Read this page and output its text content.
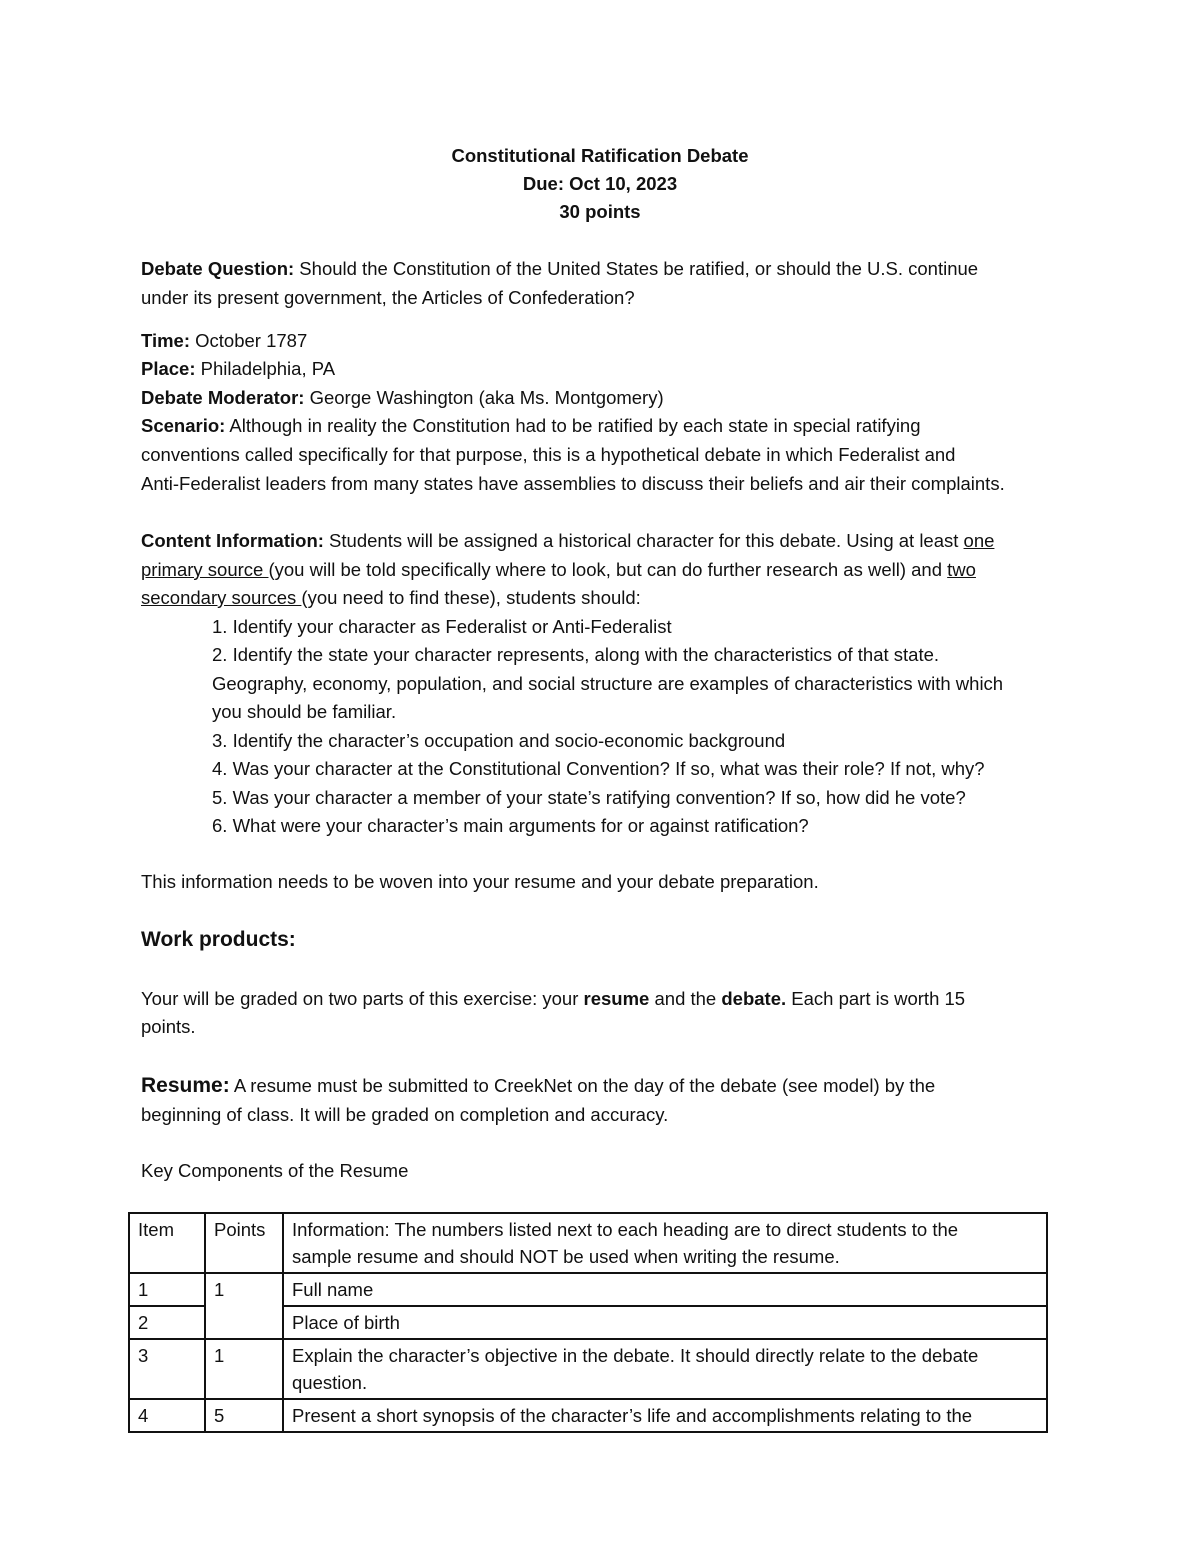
Constitutional Ratification Debate
Due: Oct 10, 2023
30 points
Debate Question: Should the Constitution of the United States be ratified, or should the U.S. continue
under its present government, the Articles of Confederation?
Time: October 1787
Place: Philadelphia, PA
Debate Moderator: George Washington (aka Ms. Montgomery)
Scenario: Although in reality the Constitution had to be ratified by each state in special ratifying
conventions called specifically for that purpose, this is a hypothetical debate in which Federalist and
Anti-Federalist leaders from many states have assemblies to discuss their beliefs and air their complaints.
Content Information: Students will be assigned a historical character for this debate. Using at least one
primary source (you will be told specifically where to look, but can do further research as well) and two
secondary sources (you need to find these), students should:
1. Identify your character as Federalist or Anti-Federalist
2. Identify the state your character represents, along with the characteristics of that state.
Geography, economy, population, and social structure are examples of characteristics with which
you should be familiar.
3. Identify the character’s occupation and socio-economic background
4. Was your character at the Constitutional Convention? If so, what was their role? If not, why?
5. Was your character a member of your state’s ratifying convention? If so, how did he vote?
6. What were your character’s main arguments for or against ratification?
This information needs to be woven into your resume and your debate preparation.
Work products:
Your will be graded on two parts of this exercise: your resume and the debate. Each part is worth 15
points.
Resume: A resume must be submitted to CreekNet on the day of the debate (see model) by the
beginning of class. It will be graded on completion and accuracy.
Key Components of the Resume
Item	Points	Information: The numbers listed next to each heading are to direct students to the
sample resume and should NOT be used when writing the resume.

1	1	Full name
2		Place of birth
3	1	Explain the character’s objective in the debate. It should directly relate to the debate
question.

4	5	Present a short synopsis of the character’s life and accomplishments relating to the
